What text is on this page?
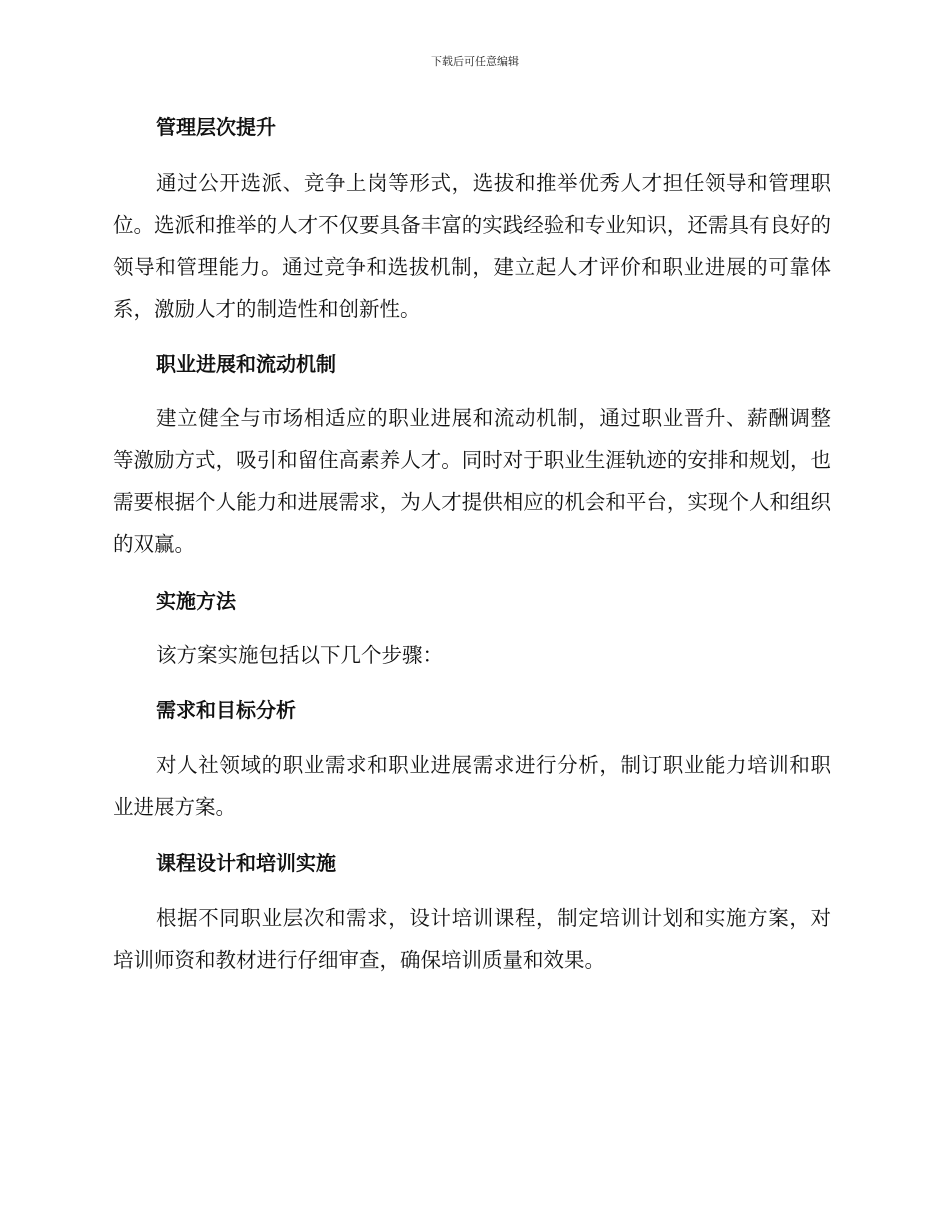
下载后可任意编辑
管理层次提升

通过公开选派、竞争上岗等形式，选拔和推举优秀人才担任领导和管理职位。选派和推举的人才不仅要具备丰富的实践经验和专业知识，还需具有良好的领导和管理能力。通过竞争和选拔机制，建立起人才评价和职业进展的可靠体系，激励人才的制造性和创新性。

职业进展和流动机制

建立健全与市场相适应的职业进展和流动机制，通过职业晋升、薪酬调整等激励方式，吸引和留住高素养人才。同时对于职业生涯轨迹的安排和规划，也需要根据个人能力和进展需求，为人才提供相应的机会和平台，实现个人和组织的双赢。

实施方法

该方案实施包括以下几个步骤：

需求和目标分析

对人社领域的职业需求和职业进展需求进行分析，制订职业能力培训和职业进展方案。

课程设计和培训实施

根据不同职业层次和需求，设计培训课程，制定培训计划和实施方案，对培训师资和教材进行仔细审查，确保培训质量和效果。
